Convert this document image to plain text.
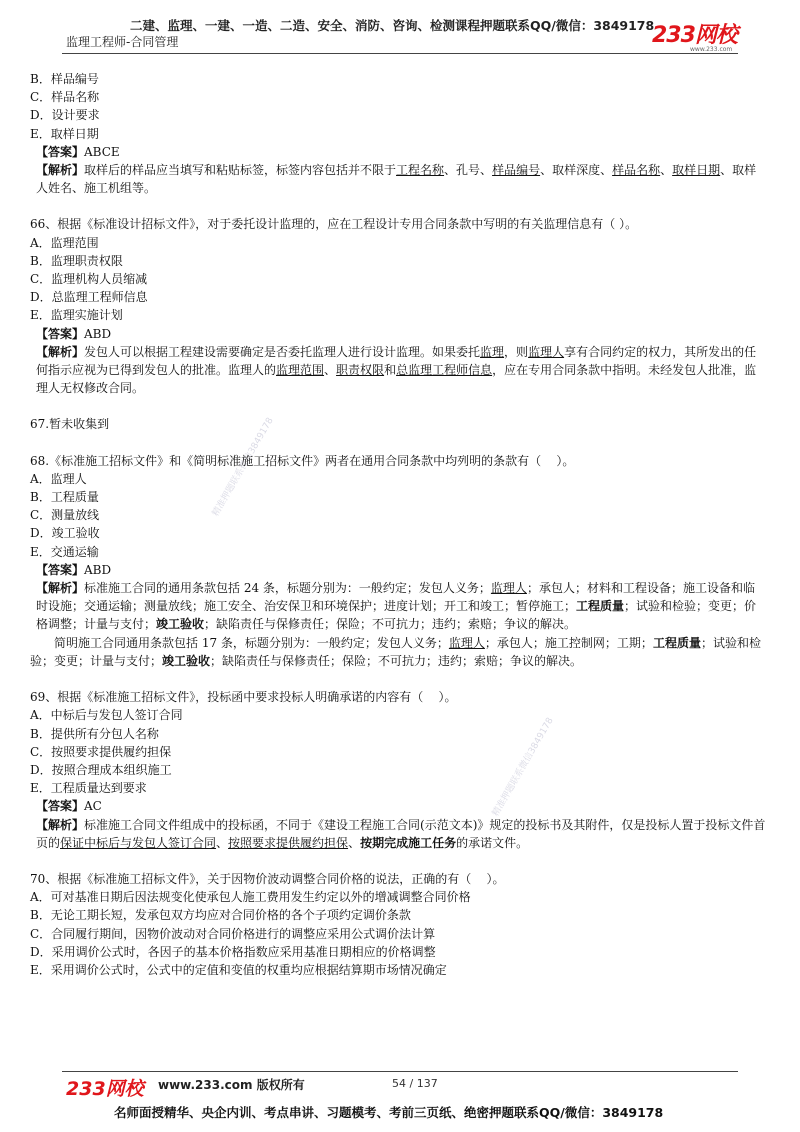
二建、监理、一建、一造、二造、安全、消防、咨询、检测课程押题联系QQ/微信：3849178
监理工程师-合同管理	233网校
www.233.com
精准押题联系微信3849178
精准押题联系微信3849178
B．样品编号
C．样品名称
D．设计要求
E．取样日期
【答案】ABCE
【解析】取样后的样品应当填写和粘贴标签，标签内容包括并不限于工程名称、孔号、样品编号、取样深度、样品名称、取样日期、取样人姓名、施工机组等。
66、根据《标准设计招标文件》，对于委托设计监理的，应在工程设计专用合同条款中写明的有关监理信息有（ ）。
A．监理范围
B．监理职责权限
C．监理机构人员缩减
D．总监理工程师信息
E．监理实施计划
【答案】ABD
【解析】发包人可以根据工程建设需要确定是否委托监理人进行设计监理。如果委托监理，则监理人享有合同约定的权力，其所发出的任何指示应视为已得到发包人的批准。监理人的监理范围、职责权限和总监理工程师信息，应在专用合同条款中指明。未经发包人批准，监理人无权修改合同。
67.暂未收集到
68.《标准施工招标文件》和《简明标准施工招标文件》两者在通用合同条款中均列明的条款有（    ）。
A．监理人
B．工程质量
C．测量放线
D．竣工验收
E．交通运输
【答案】ABD
【解析】标准施工合同的通用条款包括 24 条，标题分别为：一般约定；发包人义务；监理人；承包人；材料和工程设备；施工设备和临时设施；交通运输；测量放线；施工安全、治安保卫和环境保护；进度计划；开工和竣工；暂停施工；工程质量；试验和检验；变更；价格调整；计量与支付；竣工验收；缺陷责任与保修责任；保险；不可抗力；违约；索赔；争议的解决。
简明施工合同通用条款包括 17 条，标题分别为：一般约定；发包人义务；监理人；承包人；施工控制网；工期；工程质量；试验和检验；变更；计量与支付；竣工验收；缺陷责任与保修责任；保险；不可抗力；违约；索赔；争议的解决。
69、根据《标准施工招标文件》，投标函中要求投标人明确承诺的内容有（    ）。
A．中标后与发包人签订合同
B．提供所有分包人名称
C．按照要求提供履约担保
D．按照合理成本组织施工
E．工程质量达到要求
【答案】AC
【解析】标准施工合同文件组成中的投标函，不同于《建设工程施工合同(示范文本)》规定的投标书及其附件，仅是投标人置于投标文件首页的保证中标后与发包人签订合同、按照要求提供履约担保、按期完成施工任务的承诺文件。
70、根据《标准施工招标文件》，关于因物价波动调整合同价格的说法，正确的有（    ）。
A．可对基准日期后因法规变化使承包人施工费用发生约定以外的增减调整合同价格
B．无论工期长短，发承包双方均应对合同价格的各个子项约定调价条款
C．合同履行期间，因物价波动对合同价格进行的调整应采用公式调价法计算
D．采用调价公式时，各因子的基本价格指数应采用基准日期相应的价格调整
E．采用调价公式时，公式中的定值和变值的权重均应根据结算期市场情况确定
233网校 www.233.com 版权所有	54 / 137
名师面授精华、央企内训、考点串讲、习题模考、考前三页纸、绝密押题联系QQ/微信：3849178
